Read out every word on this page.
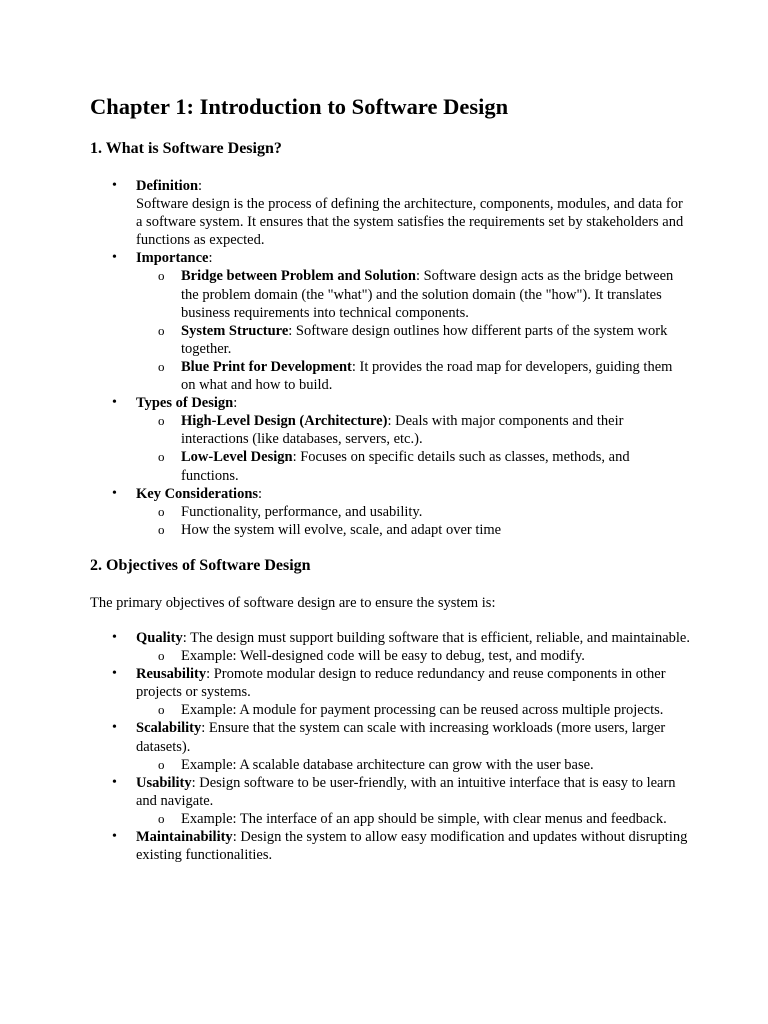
Chapter 1: Introduction to Software Design
1. What is Software Design?
• Definition:
Software design is the process of defining the architecture, components, modules, and data for a software system. It ensures that the system satisfies the requirements set by stakeholders and functions as expected.
• Importance:
o Bridge between Problem and Solution: Software design acts as the bridge between the problem domain (the "what") and the solution domain (the "how"). It translates business requirements into technical components.
o System Structure: Software design outlines how different parts of the system work together.
o Blue Print for Development: It provides the road map for developers, guiding them on what and how to build.
• Types of Design:
o High-Level Design (Architecture): Deals with major components and their interactions (like databases, servers, etc.).
o Low-Level Design: Focuses on specific details such as classes, methods, and functions.
• Key Considerations:
o Functionality, performance, and usability.
o How the system will evolve, scale, and adapt over time
2. Objectives of Software Design
The primary objectives of software design are to ensure the system is:
• Quality: The design must support building software that is efficient, reliable, and maintainable.
o Example: Well-designed code will be easy to debug, test, and modify.
• Reusability: Promote modular design to reduce redundancy and reuse components in other projects or systems.
o Example: A module for payment processing can be reused across multiple projects.
• Scalability: Ensure that the system can scale with increasing workloads (more users, larger datasets).
o Example: A scalable database architecture can grow with the user base.
• Usability: Design software to be user-friendly, with an intuitive interface that is easy to learn and navigate.
o Example: The interface of an app should be simple, with clear menus and feedback.
• Maintainability: Design the system to allow easy modification and updates without disrupting existing functionalities.
